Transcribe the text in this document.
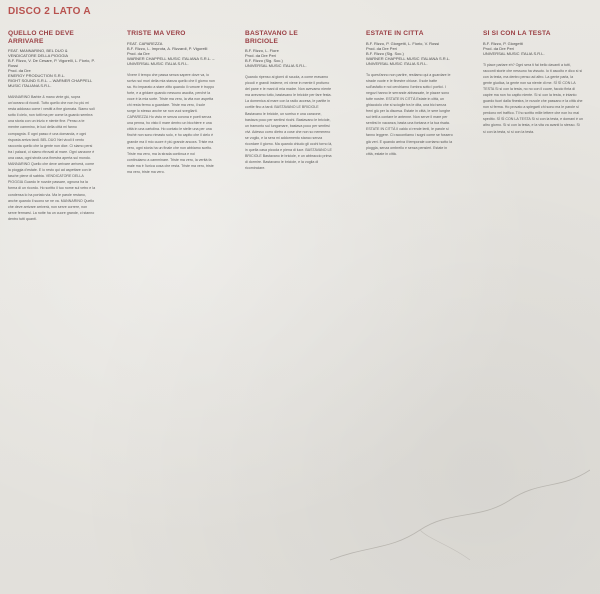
DISCO 2 LATO A
QUELLO CHE DEVE ARRIVARE
FEAT. MANNARINO, BEL DUO & VENDICATORE DELLA PIOGGIA
B.F. Rizzo, V. De Cesare, P. Vigorelli, L. Fiorio, P. Rossi
Prod. da Dre
ENERGY PRODUCTION S.R.L.
RIGHT SOUND S.R.L. – WARNER CHAPPELL MUSIC ITALIANA S.R.L.
MANNARINO Barbie & mano vinte giù, sopra un'oceano di ricordi. Tutto quello che non ho più mi resta addosso come i vestiti a fine giornata. Siamo soli sotto il cielo, non tutti ma per come la guardo sembra una storia con un inizio e niente fine. Penso a te mentre cammino, le luci della città mi fanno compagnia. E ogni passo è una domanda, e ogni risposta arriva tardi. BEL DUO Nei vicoli il vento racconta quello che la gente non dice. Ci siamo persi tra i palazzi, ci siamo ritrovati al mare. Ogni canzone è una casa, ogni strofa una finestra aperta sul mondo. MANNARINO Quello che deve arrivare arriverà, come la pioggia d'estate. E io resto qui ad aspettare con le tasche piene di sabbia. VENDICATORE DELLA PIOGGIA Guardo le nuvole passare, ognuna ha la forma di un ricordo. Ho scritto il tuo nome sul vetro e la condensa lo ha portato via. Ma le parole restano, anche quando il suono se ne va. MANNARINO Quello che deve arrivare arriverà, non serve correre, non serve fermarsi. La notte ha un cuore grande, ci stanno dentro tutti quanti.
TRISTE MA VERO
FEAT. CAPAREZZA
B.F. Rizzo, L. Improta, A. Rizzardi, P. Vigorelli
Prod. da Dre
WARNER CHAPPELL MUSIC ITALIANA S.R.L. – UNIVERSAL MUSIC ITALIA S.R.L.
Vivere il tempo che passa senza sapere dove va, io scrivo sui muri della mia stanza quello che il giorno non sa. Ho imparato a stare zitto quando il rumore è troppo forte, e a gridare quando nessuno ascolta, perché la voce è la mia sorte. Triste ma vero, la vita non aspetta chi resta fermo a guardare. Triste ma vero, il sole sorge lo stesso anche se non vuoi svegliarti. CAPAREZZA Ho visto re senza corona e poeti senza una penna, ho visto il mare dentro un bicchiere e una città in una cartolina. Ho contato le stelle una per una finché non sono rimasto solo, e ho capito che il cielo è grande ma il mio cuore è più grande ancora. Triste ma vero, ogni storia ha un finale che non abbiamo scelto. Triste ma vero, ma la strada continua e noi continuiamo a camminare. Triste ma vero, la verità fa male ma è l'unica cosa che resta. Triste ma vero, triste ma vero, triste ma vero.
BASTAVANO LE BRICIOLE
B.F. Rizzo, L. Fiore
Prod. da Dre Peri
B.F. Rizzo (Sig. Soc.)
UNIVERSAL MUSIC ITALIA S.R.L.
Quando ripenso ai giorni di scuola, a come eravamo piccoli e grandi insieme, mi viene in mente il profumo del pane e le mani di mia madre. Non avevamo niente ma avevamo tutto, bastavano le briciole per fare festa. La domenica al mare con la radio accesa, le partite in cortile fino a tardi. BASTAVANO LE BRICIOLE Bastavano le briciole, un sorriso e una canzone, bastava poco per sentirsi ricchi. Bastavano le briciole, un tramonto sul lungomare, bastava poco per sentirsi vivi. Adesso corro dietro a cose che non so nemmeno se voglio, e la sera mi addormento stanco senza ricordare il giorno. Ma quando chiudo gli occhi torno là, in quella casa piccola e piena di luce. BASTAVANO LE BRICIOLE Bastavano le briciole, e un abbraccio prima di dormire. Bastavano le briciole, e la voglia di ricominciare.
ESTATE IN CITTÀ
B.F. Rizzo, P. Giorgetti, L. Fiorio, V. Rossi
Prod. da Dre Peri
B.F. Rizzo (Sig. Soc.)
WARNER CHAPPELL MUSIC ITALIANA S.R.L.
UNIVERSAL MUSIC ITALIA S.R.L.
Tu quest'anno non partire, restiamo qui a guardare le strade vuote e le finestre chiuse. Il sole batte sull'asfalto e noi cerchiamo l'ombra sotto i portici. I negozi hanno le serrande abbassate, le piazze sono tutte nostre. ESTATE IN CITTÀ Estate in città, un ghiacciolo che si scioglie tra le dita, una bici senza freni giù per la discesa. Estate in città, le sere lunghe sui tetti a contare le antenne. Non serve il mare per sentirsi in vacanza, basta una fontana e la tua risata. ESTATE IN CITTÀ Il caldo ci rende lenti, le parole si fanno leggere. Ci raccontiamo i sogni come se fossero già veri. E quando arriva il temporale corriamo sotto la pioggia, senza ombrello e senza pensieri. Estate in città, estate in città.
SÌ SI CON LA TESTA
B.F. Rizzo, P. Giorgetti
Prod. da Dre Peri
UNIVERSAL MUSIC ITALIA S.R.L.
Ti piace parlare eh? Ogni sera ti fai bello davanti a tutti, racconti storie che nessuno ha vissuto. Io ti ascolto e dico sì sì con la testa, ma dentro penso ad altro. La gente parla, la gente giudica, la gente non sa niente di me. SÌ SÌ CON LA TESTA Sì sì con la testa, no no con il cuore, faccio finta di capire ma non ho capito niente. Sì sì con la testa, e intanto guardo fuori dalla finestra, le nuvole che passano e la città che non si ferma. Ho provato a spiegarti chi sono ma le parole si perdono nel traffico. Ti ho scritto mille lettere che non ho mai spedito. SÌ SÌ CON LA TESTA Sì sì con la testa, e domani è un altro giorno. Sì sì con la testa, e la vita va avanti lo stesso. Sì sì con la testa, sì sì con la testa.
